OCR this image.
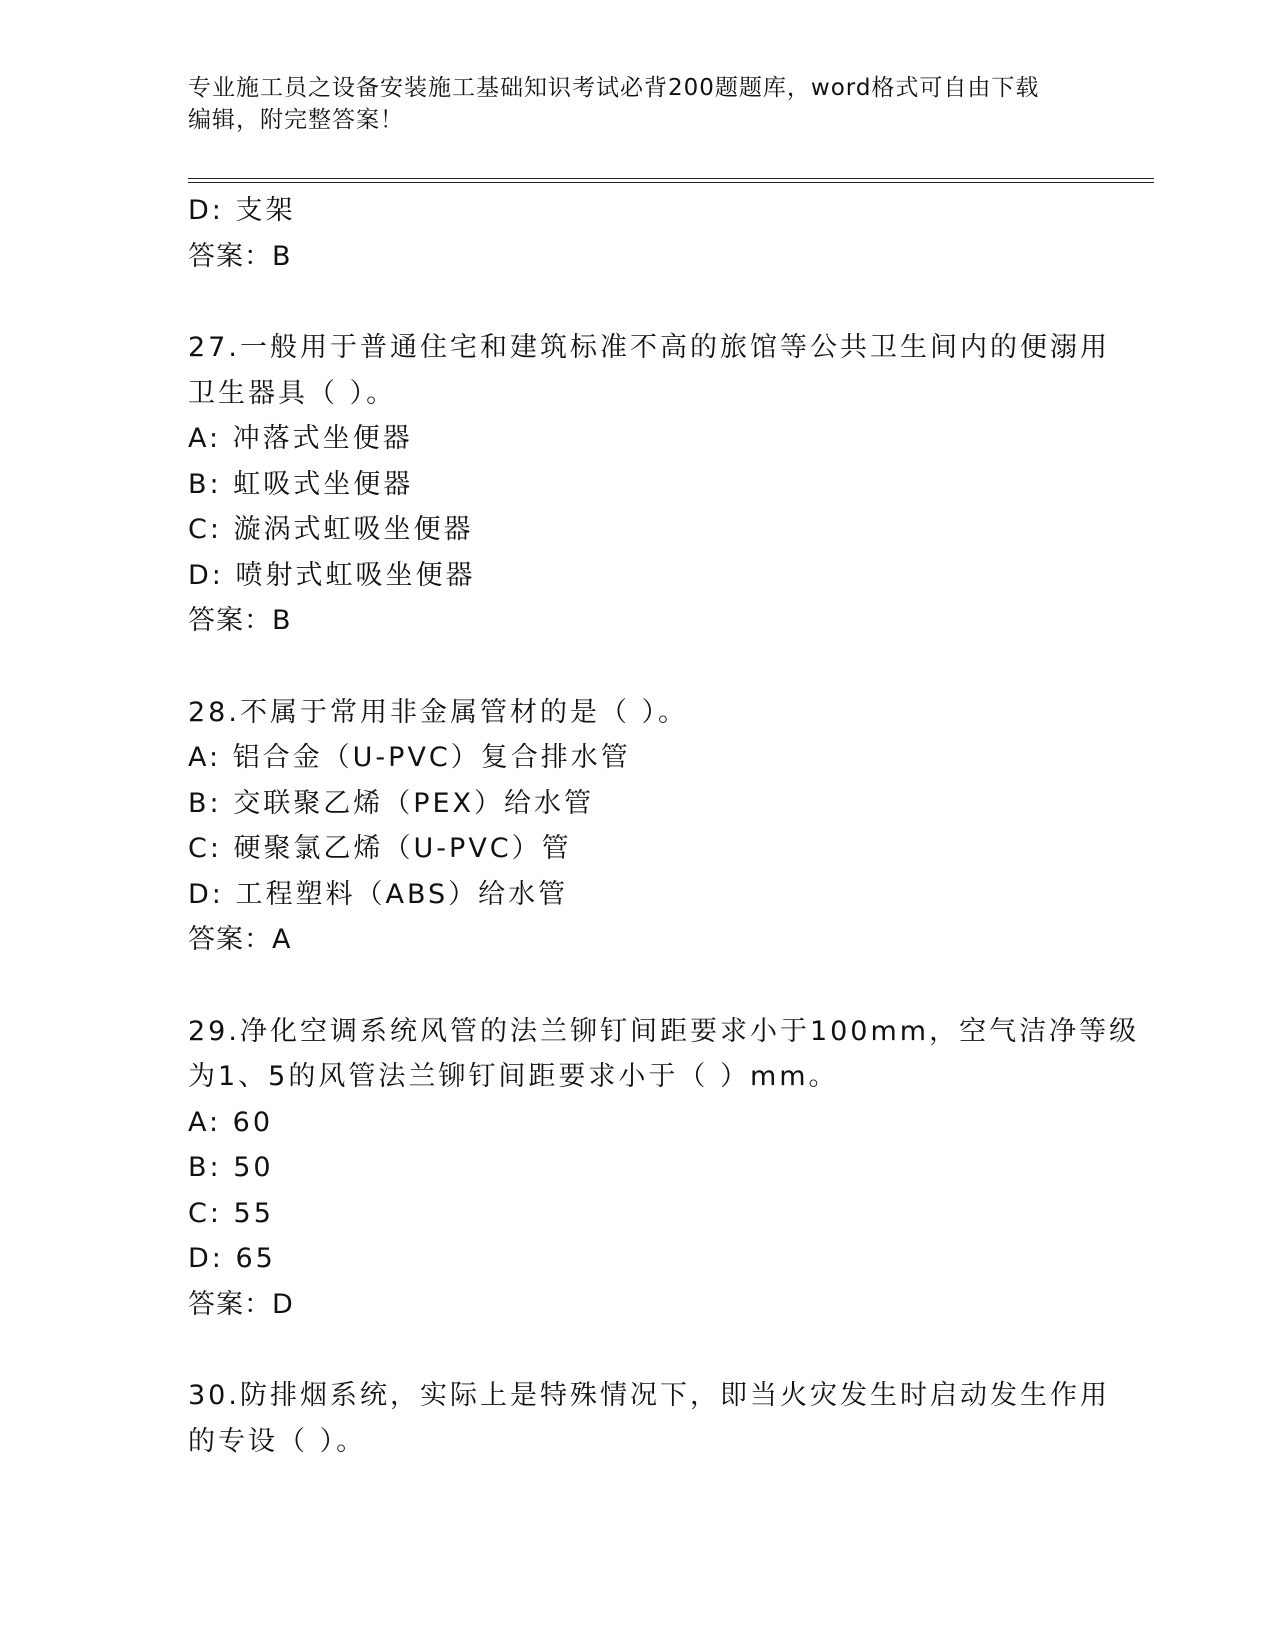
专业施工员之设备安装施工基础知识考试必背200题题库，word格式可自由下载

编辑，附完整答案！

D: 支架

答案：B

27.一般用于普通住宅和建筑标准不高的旅馆等公共卫生间内的便溺用

卫生器具（ ）。

A: 冲落式坐便器

B: 虹吸式坐便器

C: 漩涡式虹吸坐便器

D: 喷射式虹吸坐便器

答案：B

28.不属于常用非金属管材的是（ ）。

A: 铝合金（U-PVC）复合排水管

B: 交联聚乙烯（PEX）给水管

C: 硬聚氯乙烯（U-PVC）管

D: 工程塑料（ABS）给水管

答案：A

29.净化空调系统风管的法兰铆钉间距要求小于100mm，空气洁净等级

为1、5的风管法兰铆钉间距要求小于（ ）mm。

A: 60

B: 50

C: 55

D: 65

答案：D

30.防排烟系统，实际上是特殊情况下，即当火灾发生时启动发生作用

的专设（ ）。
